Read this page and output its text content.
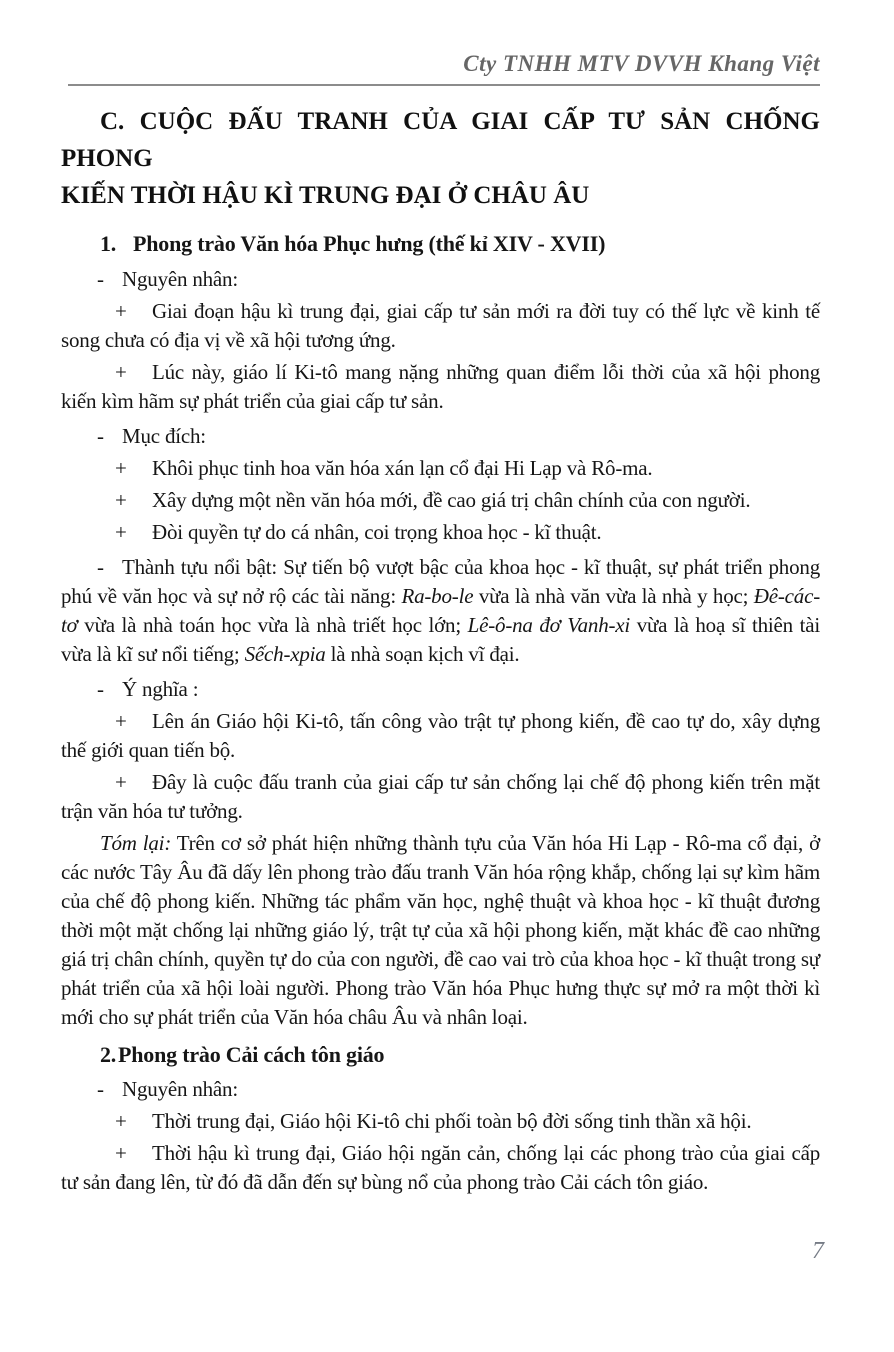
Cty TNHH MTV DVVH Khang Việt

C. CUỘC ĐẤU TRANH CỦA GIAI CẤP TƯ SẢN CHỐNG PHONG
KIẾN THỜI HẬU KÌ TRUNG ĐẠI Ở CHÂU ÂU

1. Phong trào Văn hóa Phục hưng (thế kỉ XIV - XVII)

- Nguyên nhân:

+ Giai đoạn hậu kì trung đại, giai cấp tư sản mới ra đời tuy có thế lực về kinh tế song chưa có địa vị về xã hội tương ứng.

+ Lúc này, giáo lí Ki-tô mang nặng những quan điểm lỗi thời của xã hội phong kiến kìm hãm sự phát triển của giai cấp tư sản.

- Mục đích:

+ Khôi phục tinh hoa văn hóa xán lạn cổ đại Hi Lạp và Rô-ma.

+ Xây dựng một nền văn hóa mới, đề cao giá trị chân chính của con người.

+ Đòi quyền tự do cá nhân, coi trọng khoa học - kĩ thuật.

- Thành tựu nổi bật: Sự tiến bộ vượt bậc của khoa học - kĩ thuật, sự phát triển phong phú về văn học và sự nở rộ các tài năng: Ra-bo-le vừa là nhà văn vừa là nhà y học; Đê-các-tơ vừa là nhà toán học vừa là nhà triết học lớn; Lê-ô-na đơ Vanh-xi vừa là hoạ sĩ thiên tài vừa là kĩ sư nổi tiếng; Sếch-xpia là nhà soạn kịch vĩ đại.

- Ý nghĩa :

+ Lên án Giáo hội Ki-tô, tấn công vào trật tự phong kiến, đề cao tự do, xây dựng thế giới quan tiến bộ.

+ Đây là cuộc đấu tranh của giai cấp tư sản chống lại chế độ phong kiến trên mặt trận văn hóa tư tưởng.

Tóm lại: Trên cơ sở phát hiện những thành tựu của Văn hóa Hi Lạp - Rô-ma cổ đại, ở các nước Tây Âu đã dấy lên phong trào đấu tranh Văn hóa rộng khắp, chống lại sự kìm hãm của chế độ phong kiến. Những tác phẩm văn học, nghệ thuật và khoa học - kĩ thuật đương thời một mặt chống lại những giáo lý, trật tự của xã hội phong kiến, mặt khác đề cao những giá trị chân chính, quyền tự do của con người, đề cao vai trò của khoa học - kĩ thuật trong sự phát triển của xã hội loài người. Phong trào Văn hóa Phục hưng thực sự mở ra một thời kì mới cho sự phát triển của Văn hóa châu Âu và nhân loại.

2.Phong trào Cải cách tôn giáo

- Nguyên nhân:

+ Thời trung đại, Giáo hội Ki-tô chi phối toàn bộ đời sống tinh thần xã hội.

+ Thời hậu kì trung đại, Giáo hội ngăn cản, chống lại các phong trào của giai cấp tư sản đang lên, từ đó đã dẫn đến sự bùng nổ của phong trào Cải cách tôn giáo.

7
